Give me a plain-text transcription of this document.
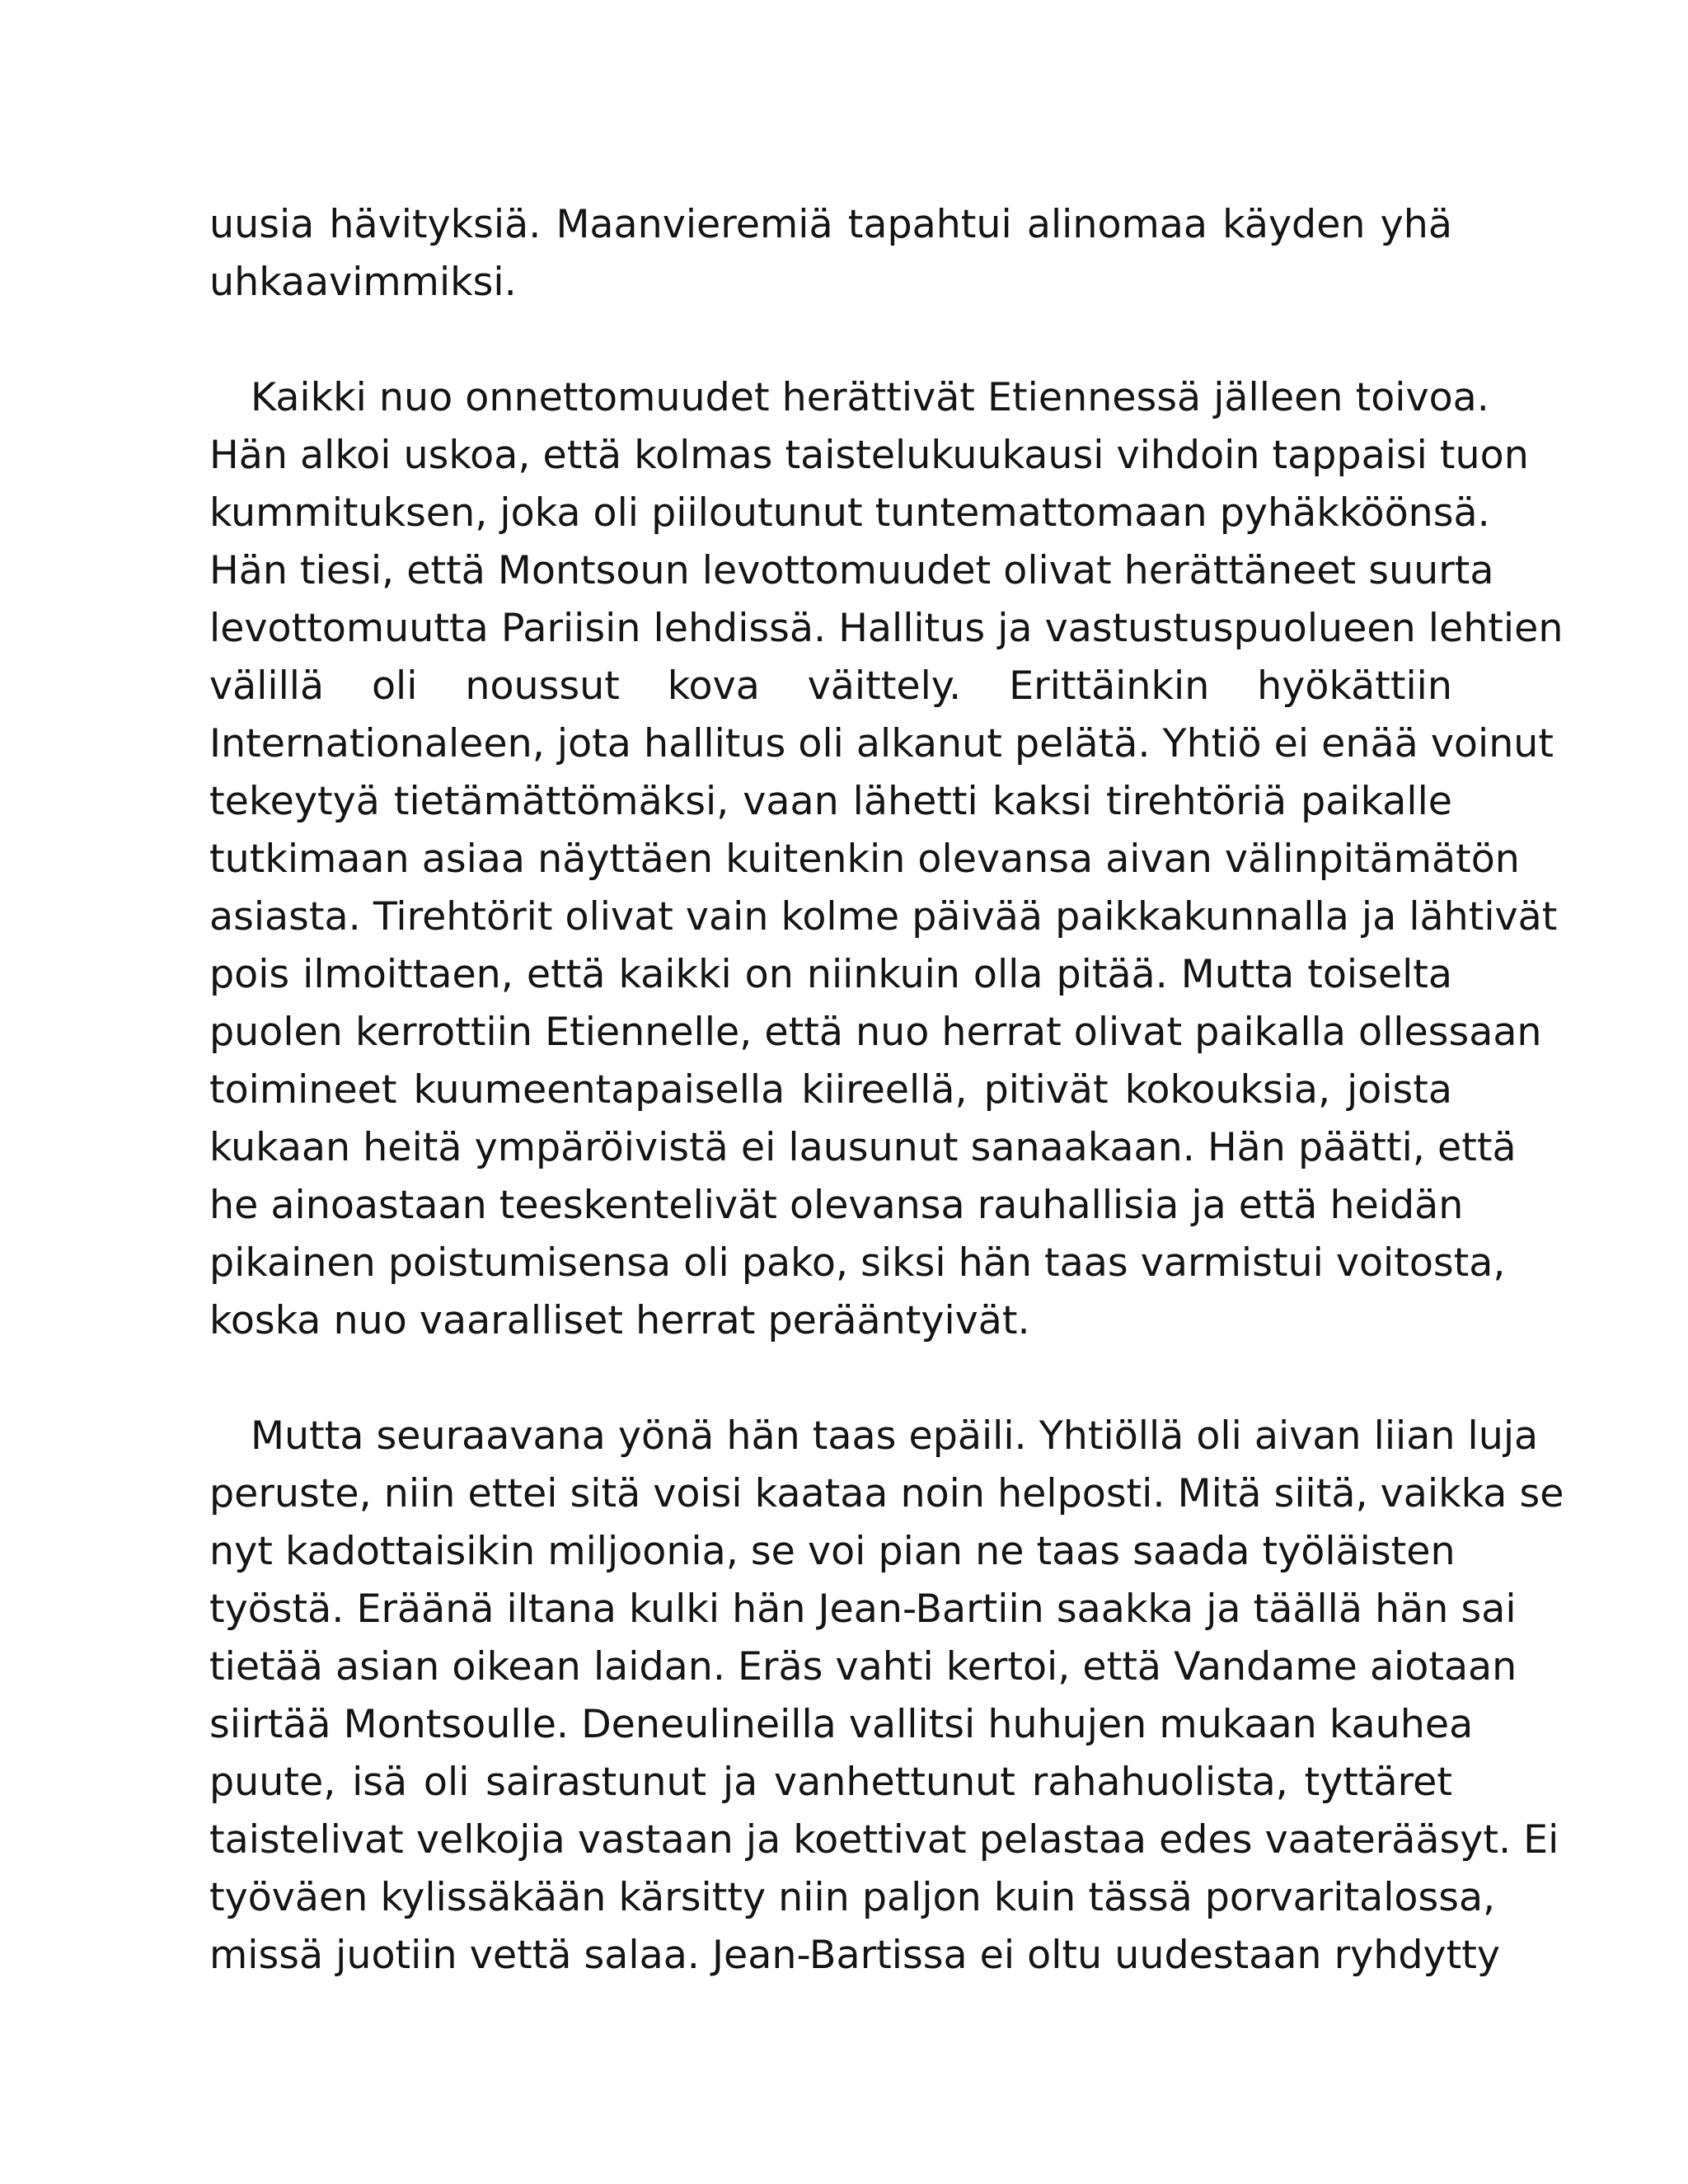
uusia hävityksiä. Maanvieremiä tapahtui alinomaa käyden yhä
uhkaavimmiksi.
Kaikki nuo onnettomuudet herättivät Etiennessä jälleen toivoa.
Hän alkoi uskoa, että kolmas taistelukuukausi vihdoin tappaisi tuon
kummituksen, joka oli piiloutunut tuntemattomaan pyhäkköönsä.
Hän tiesi, että Montsoun levottomuudet olivat herättäneet suurta
levottomuutta Pariisin lehdissä. Hallitus ja vastustuspuolueen lehtien
välillä oli noussut kova väittely. Erittäinkin hyökättiin
Internationaleen, jota hallitus oli alkanut pelätä. Yhtiö ei enää voinut
tekeytyä tietämättömäksi, vaan lähetti kaksi tirehtöriä paikalle
tutkimaan asiaa näyttäen kuitenkin olevansa aivan välinpitämätön
asiasta. Tirehtörit olivat vain kolme päivää paikkakunnalla ja lähtivät
pois ilmoittaen, että kaikki on niinkuin olla pitää. Mutta toiselta
puolen kerrottiin Etiennelle, että nuo herrat olivat paikalla ollessaan
toimineet kuumeentapaisella kiireellä, pitivät kokouksia, joista
kukaan heitä ympäröivistä ei lausunut sanaakaan. Hän päätti, että
he ainoastaan teeskentelivät olevansa rauhallisia ja että heidän
pikainen poistumisensa oli pako, siksi hän taas varmistui voitosta,
koska nuo vaaralliset herrat perääntyivät.
Mutta seuraavana yönä hän taas epäili. Yhtiöllä oli aivan liian luja
peruste, niin ettei sitä voisi kaataa noin helposti. Mitä siitä, vaikka se
nyt kadottaisikin miljoonia, se voi pian ne taas saada työläisten
työstä. Eräänä iltana kulki hän Jean-Bartiin saakka ja täällä hän sai
tietää asian oikean laidan. Eräs vahti kertoi, että Vandame aiotaan
siirtää Montsoulle. Deneulineilla vallitsi huhujen mukaan kauhea
puute, isä oli sairastunut ja vanhettunut rahahuolista, tyttäret
taistelivat velkojia vastaan ja koettivat pelastaa edes vaaterääsyt. Ei
työväen kylissäkään kärsitty niin paljon kuin tässä porvaritalossa,
missä juotiin vettä salaa. Jean-Bartissa ei oltu uudestaan ryhdytty
